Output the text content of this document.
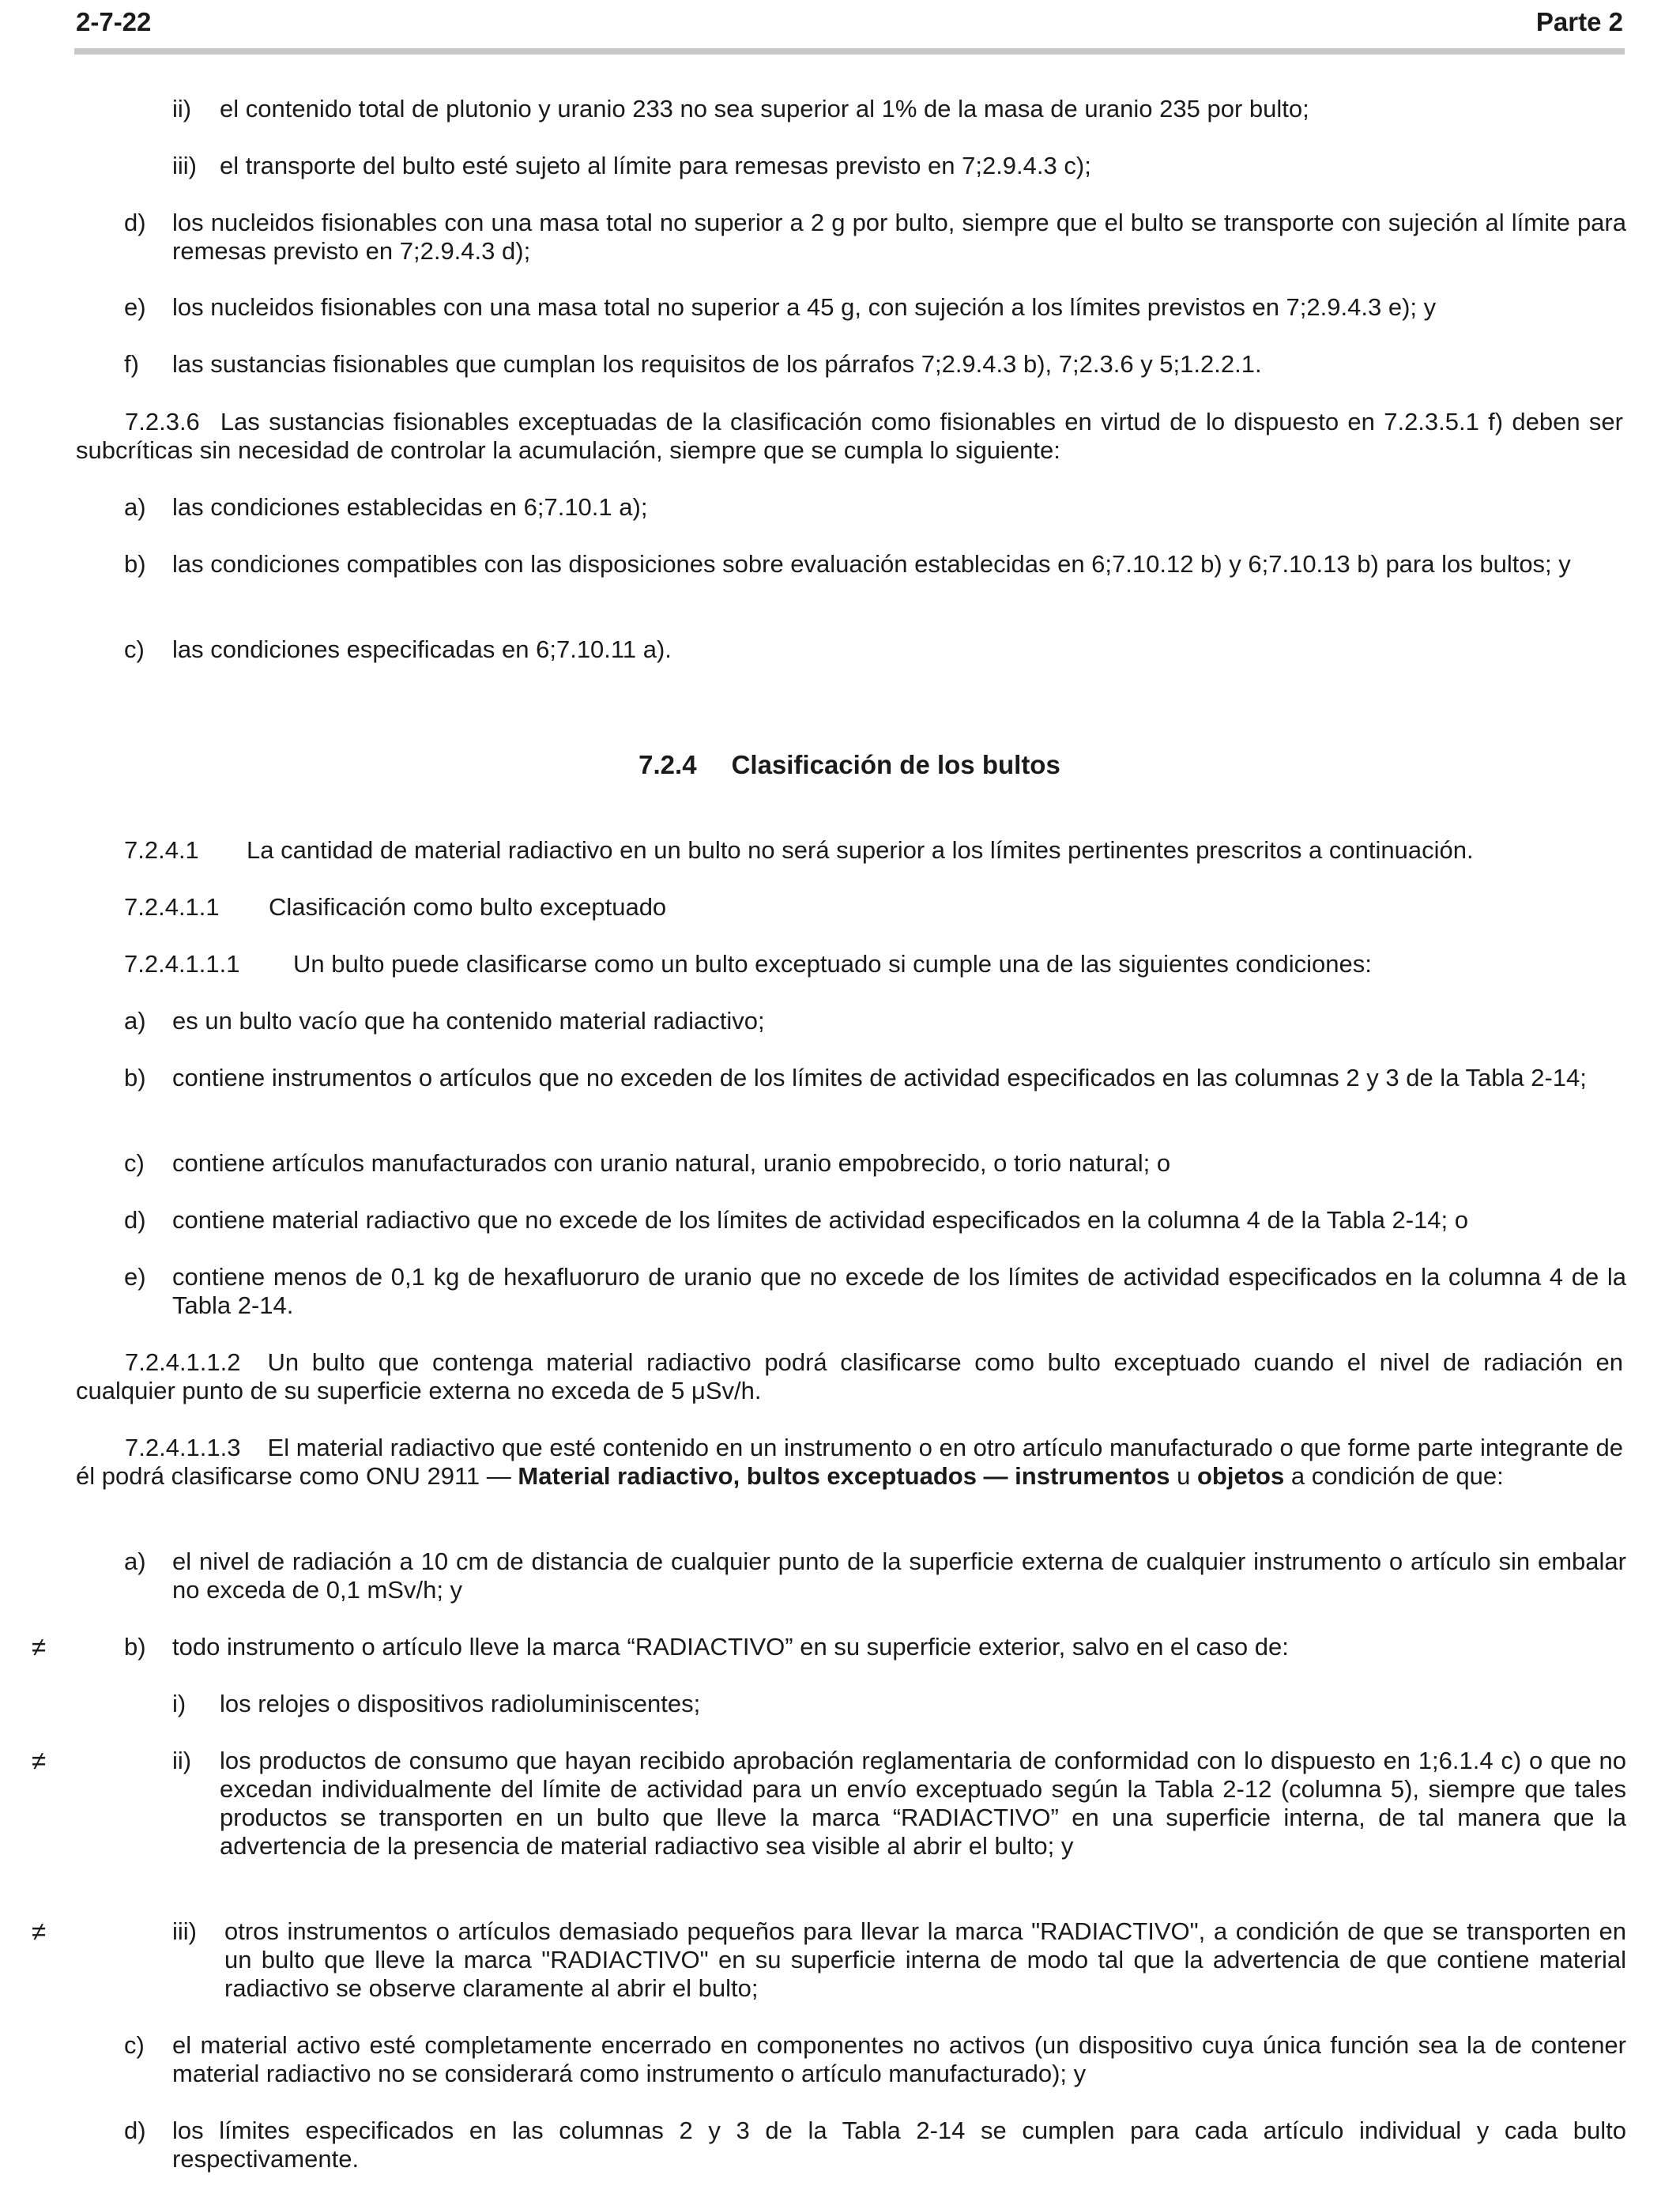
2-7-22	Parte 2
ii) el contenido total de plutonio y uranio 233 no sea superior al 1% de la masa de uranio 235 por bulto;
iii) el transporte del bulto esté sujeto al límite para remesas previsto en 7;2.9.4.3 c);
d) los nucleidos fisionables con una masa total no superior a 2 g por bulto, siempre que el bulto se transporte con sujeción al límite para remesas previsto en 7;2.9.4.3 d);
e) los nucleidos fisionables con una masa total no superior a 45 g, con sujeción a los límites previstos en 7;2.9.4.3 e); y
f) las sustancias fisionables que cumplan los requisitos de los párrafos 7;2.9.4.3 b), 7;2.3.6 y 5;1.2.2.1.
7.2.3.6 Las sustancias fisionables exceptuadas de la clasificación como fisionables en virtud de lo dispuesto en 7.2.3.5.1 f) deben ser subcríticas sin necesidad de controlar la acumulación, siempre que se cumpla lo siguiente:
a) las condiciones establecidas en 6;7.10.1 a);
b) las condiciones compatibles con las disposiciones sobre evaluación establecidas en 6;7.10.12 b) y 6;7.10.13 b) para los bultos; y
c) las condiciones especificadas en 6;7.10.11 a).
7.2.4 Clasificación de los bultos
7.2.4.1 La cantidad de material radiactivo en un bulto no será superior a los límites pertinentes prescritos a continuación.
7.2.4.1.1 Clasificación como bulto exceptuado
7.2.4.1.1.1 Un bulto puede clasificarse como un bulto exceptuado si cumple una de las siguientes condiciones:
a) es un bulto vacío que ha contenido material radiactivo;
b) contiene instrumentos o artículos que no exceden de los límites de actividad especificados en las columnas 2 y 3 de la Tabla 2-14;
c) contiene artículos manufacturados con uranio natural, uranio empobrecido, o torio natural; o
d) contiene material radiactivo que no excede de los límites de actividad especificados en la columna 4 de la Tabla 2-14; o
e) contiene menos de 0,1 kg de hexafluoruro de uranio que no excede de los límites de actividad especificados en la columna 4 de la Tabla 2-14.
7.2.4.1.1.2 Un bulto que contenga material radiactivo podrá clasificarse como bulto exceptuado cuando el nivel de radiación en cualquier punto de su superficie externa no exceda de 5 μSv/h.
7.2.4.1.1.3 El material radiactivo que esté contenido en un instrumento o en otro artículo manufacturado o que forme parte integrante de él podrá clasificarse como ONU 2911 — Material radiactivo, bultos exceptuados — instrumentos u objetos a condición de que:
a) el nivel de radiación a 10 cm de distancia de cualquier punto de la superficie externa de cualquier instrumento o artículo sin embalar no exceda de 0,1 mSv/h; y
≠	b) todo instrumento o artículo lleve la marca “RADIACTIVO” en su superficie exterior, salvo en el caso de:
i) los relojes o dispositivos radioluminiscentes;
≠	ii) los productos de consumo que hayan recibido aprobación reglamentaria de conformidad con lo dispuesto en 1;6.1.4 c) o que no excedan individualmente del límite de actividad para un envío exceptuado según la Tabla 2-12 (columna 5), siempre que tales productos se transporten en un bulto que lleve la marca “RADIACTIVO” en una superficie interna, de tal manera que la advertencia de la presencia de material radiactivo sea visible al abrir el bulto; y
≠	iii) otros instrumentos o artículos demasiado pequeños para llevar la marca "RADIACTIVO", a condición de que se transporten en un bulto que lleve la marca "RADIACTIVO" en su superficie interna de modo tal que la advertencia de que contiene material radiactivo se observe claramente al abrir el bulto;
c) el material activo esté completamente encerrado en componentes no activos (un dispositivo cuya única función sea la de contener material radiactivo no se considerará como instrumento o artículo manufacturado); y
d) los límites especificados en las columnas 2 y 3 de la Tabla 2-14 se cumplen para cada artículo individual y cada bulto respectivamente.
